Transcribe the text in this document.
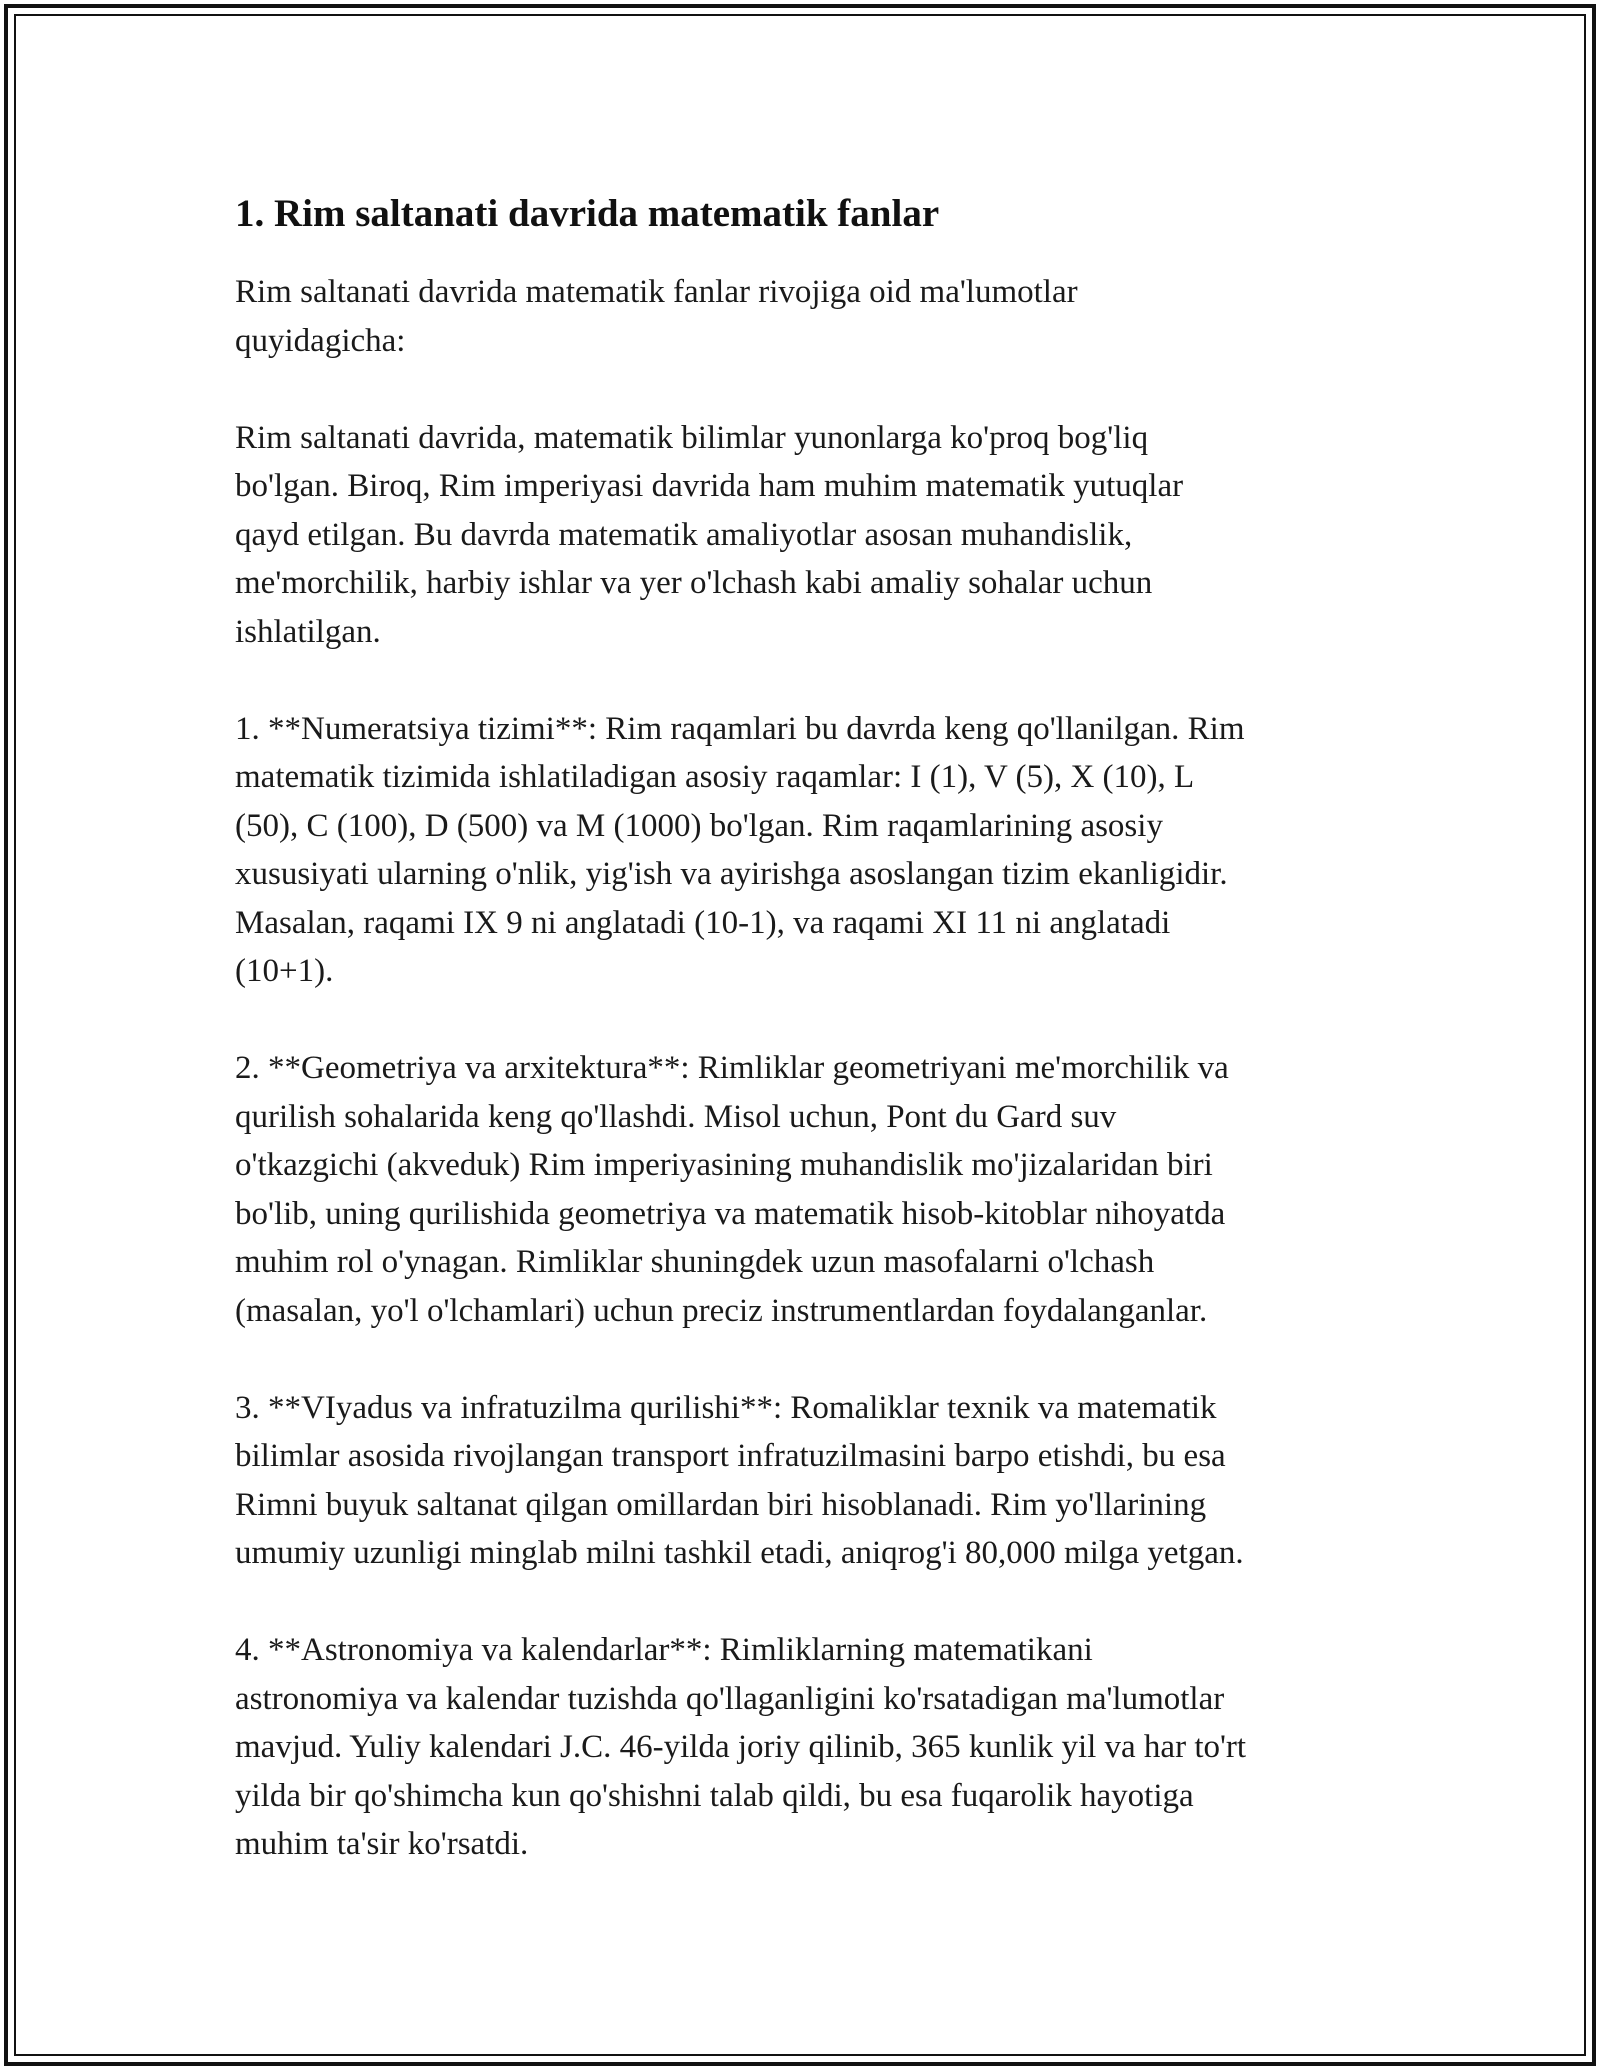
1. Rim saltanati davrida matematik fanlar

Rim saltanati davrida matematik fanlar rivojiga oid ma'lumotlar
quyidagicha:

Rim saltanati davrida, matematik bilimlar yunonlarga ko'proq bog'liq
bo'lgan. Biroq, Rim imperiyasi davrida ham muhim matematik yutuqlar
qayd etilgan. Bu davrda matematik amaliyotlar asosan muhandislik,
me'morchilik, harbiy ishlar va yer o'lchash kabi amaliy sohalar uchun
ishlatilgan.

1. **Numeratsiya tizimi**: Rim raqamlari bu davrda keng qo'llanilgan. Rim
matematik tizimida ishlatiladigan asosiy raqamlar: I (1), V (5), X (10), L
(50), C (100), D (500) va M (1000) bo'lgan. Rim raqamlarining asosiy
xususiyati ularning o'nlik, yig'ish va ayirishga asoslangan tizim ekanligidir.
Masalan, raqami IX 9 ni anglatadi (10-1), va raqami XI 11 ni anglatadi
(10+1).

2. **Geometriya va arxitektura**: Rimliklar geometriyani me'morchilik va
qurilish sohalarida keng qo'llashdi. Misol uchun, Pont du Gard suv
o'tkazgichi (akveduk) Rim imperiyasining muhandislik mo'jizalaridan biri
bo'lib, uning qurilishida geometriya va matematik hisob-kitoblar nihoyatda
muhim rol o'ynagan. Rimliklar shuningdek uzun masofalarni o'lchash
(masalan, yo'l o'lchamlari) uchun preciz instrumentlardan foydalanganlar.

3. **VIyadus va infratuzilma qurilishi**: Romaliklar texnik va matematik
bilimlar asosida rivojlangan transport infratuzilmasini barpo etishdi, bu esa
Rimni buyuk saltanat qilgan omillardan biri hisoblanadi. Rim yo'llarining
umumiy uzunligi minglab milni tashkil etadi, aniqrog'i 80,000 milga yetgan.

4. **Astronomiya va kalendarlar**: Rimliklarning matematikani
astronomiya va kalendar tuzishda qo'llaganligini ko'rsatadigan ma'lumotlar
mavjud. Yuliy kalendari J.C. 46-yilda joriy qilinib, 365 kunlik yil va har to'rt
yilda bir qo'shimcha kun qo'shishni talab qildi, bu esa fuqarolik hayotiga
muhim ta'sir ko'rsatdi.
